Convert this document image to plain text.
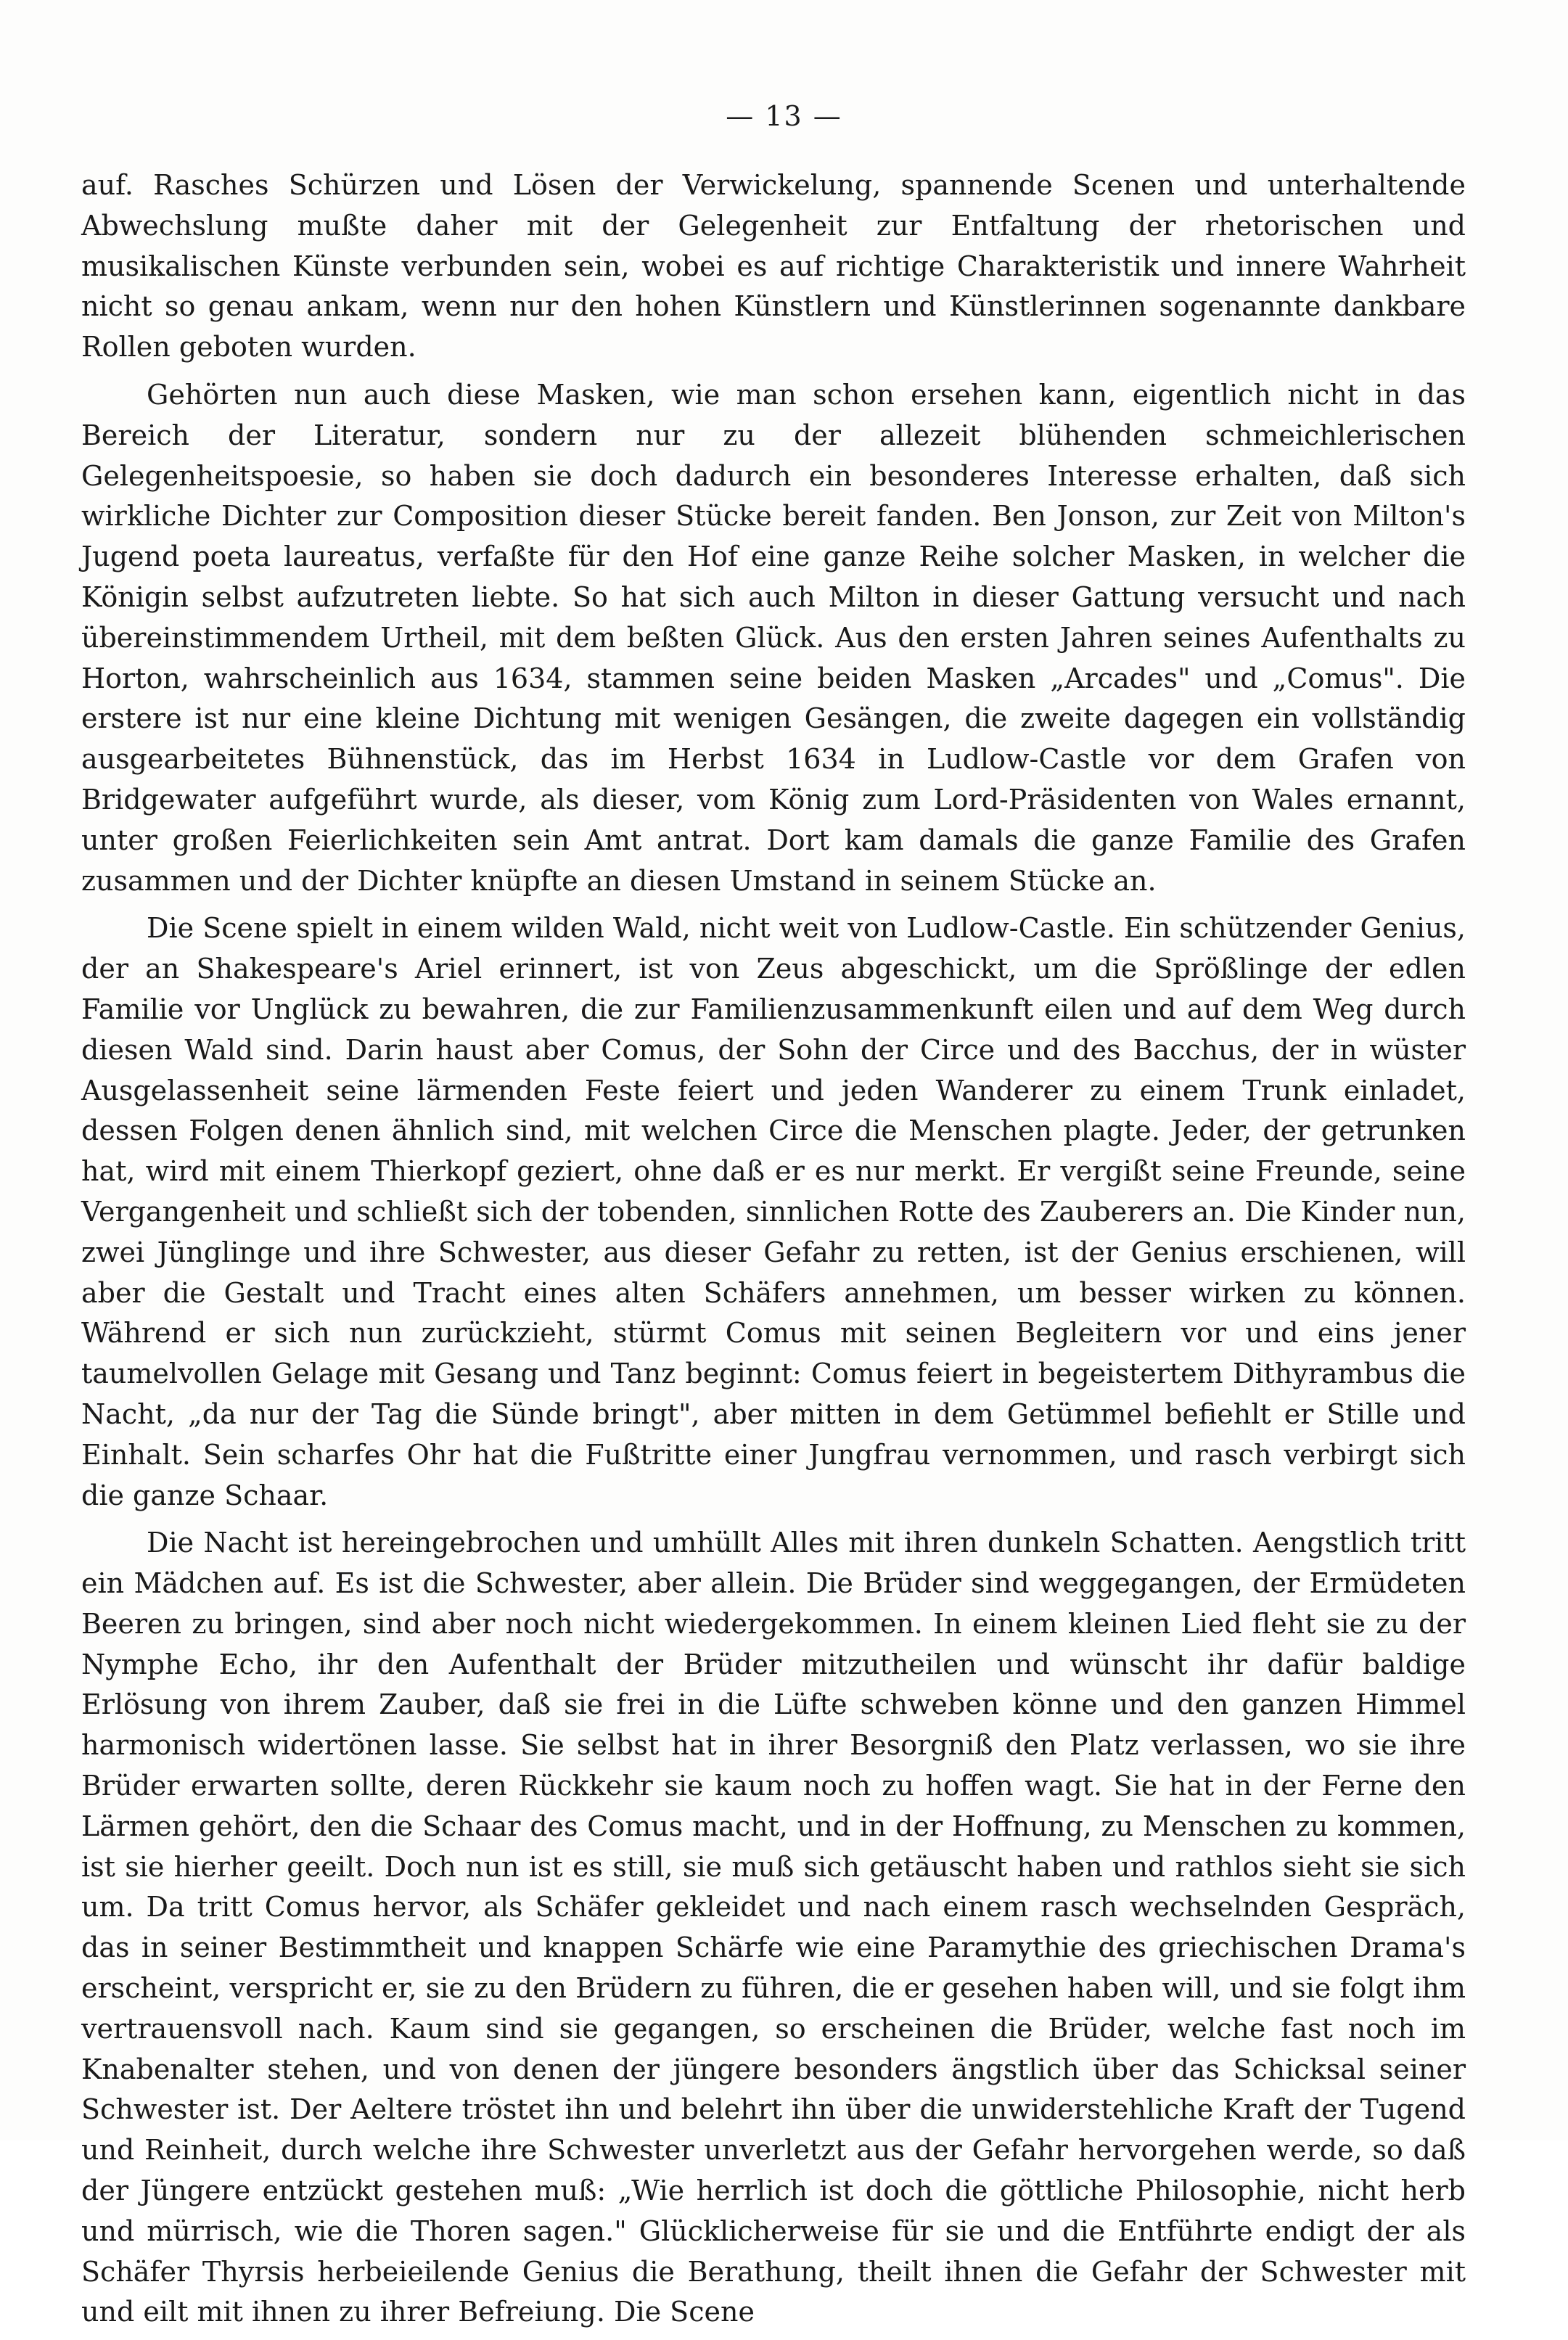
— 13 —

auf. Rasches Schürzen und Lösen der Verwickelung, spannende Scenen und unterhaltende Abwechslung mußte daher mit der Gelegenheit zur Entfaltung der rhetorischen und musikalischen Künste verbunden sein, wobei es auf richtige Charakteristik und innere Wahrheit nicht so genau ankam, wenn nur den hohen Künstlern und Künstlerinnen sogenannte dankbare Rollen geboten wurden.

Gehörten nun auch diese Masken, wie man schon ersehen kann, eigentlich nicht in das Bereich der Literatur, sondern nur zu der allezeit blühenden schmeichlerischen Gelegenheitspoesie, so haben sie doch dadurch ein besonderes Interesse erhalten, daß sich wirkliche Dichter zur Composition dieser Stücke bereit fanden. Ben Jonson, zur Zeit von Milton's Jugend poeta laureatus, verfaßte für den Hof eine ganze Reihe solcher Masken, in welcher die Königin selbst aufzutreten liebte. So hat sich auch Milton in dieser Gattung versucht und nach übereinstimmendem Urtheil, mit dem beßten Glück. Aus den ersten Jahren seines Aufenthalts zu Horton, wahrscheinlich aus 1634, stammen seine beiden Masken „Arcades" und „Comus". Die erstere ist nur eine kleine Dichtung mit wenigen Gesängen, die zweite dagegen ein vollständig ausgearbeitetes Bühnenstück, das im Herbst 1634 in Ludlow-Castle vor dem Grafen von Bridgewater aufgeführt wurde, als dieser, vom König zum Lord-Präsidenten von Wales ernannt, unter großen Feierlichkeiten sein Amt antrat. Dort kam damals die ganze Familie des Grafen zusammen und der Dichter knüpfte an diesen Umstand in seinem Stücke an.

Die Scene spielt in einem wilden Wald, nicht weit von Ludlow-Castle. Ein schützender Genius, der an Shakespeare's Ariel erinnert, ist von Zeus abgeschickt, um die Sprößlinge der edlen Familie vor Unglück zu bewahren, die zur Familienzusammenkunft eilen und auf dem Weg durch diesen Wald sind. Darin haust aber Comus, der Sohn der Circe und des Bacchus, der in wüster Ausgelassenheit seine lärmenden Feste feiert und jeden Wanderer zu einem Trunk einladet, dessen Folgen denen ähnlich sind, mit welchen Circe die Menschen plagte. Jeder, der getrunken hat, wird mit einem Thierkopf geziert, ohne daß er es nur merkt. Er vergißt seine Freunde, seine Vergangenheit und schließt sich der tobenden, sinnlichen Rotte des Zauberers an. Die Kinder nun, zwei Jünglinge und ihre Schwester, aus dieser Gefahr zu retten, ist der Genius erschienen, will aber die Gestalt und Tracht eines alten Schäfers annehmen, um besser wirken zu können. Während er sich nun zurückzieht, stürmt Comus mit seinen Begleitern vor und eins jener taumelvollen Gelage mit Gesang und Tanz beginnt: Comus feiert in begeistertem Dithyrambus die Nacht, „da nur der Tag die Sünde bringt", aber mitten in dem Getümmel befiehlt er Stille und Einhalt. Sein scharfes Ohr hat die Fußtritte einer Jungfrau vernommen, und rasch verbirgt sich die ganze Schaar.

Die Nacht ist hereingebrochen und umhüllt Alles mit ihren dunkeln Schatten. Aengstlich tritt ein Mädchen auf. Es ist die Schwester, aber allein. Die Brüder sind weggegangen, der Ermüdeten Beeren zu bringen, sind aber noch nicht wiedergekommen. In einem kleinen Lied fleht sie zu der Nymphe Echo, ihr den Aufenthalt der Brüder mitzutheilen und wünscht ihr dafür baldige Erlösung von ihrem Zauber, daß sie frei in die Lüfte schweben könne und den ganzen Himmel harmonisch widertönen lasse. Sie selbst hat in ihrer Besorgniß den Platz verlassen, wo sie ihre Brüder erwarten sollte, deren Rückkehr sie kaum noch zu hoffen wagt. Sie hat in der Ferne den Lärmen gehört, den die Schaar des Comus macht, und in der Hoffnung, zu Menschen zu kommen, ist sie hierher geeilt. Doch nun ist es still, sie muß sich getäuscht haben und rathlos sieht sie sich um. Da tritt Comus hervor, als Schäfer gekleidet und nach einem rasch wechselnden Gespräch, das in seiner Bestimmtheit und knappen Schärfe wie eine Paramythie des griechischen Drama's erscheint, verspricht er, sie zu den Brüdern zu führen, die er gesehen haben will, und sie folgt ihm vertrauensvoll nach. Kaum sind sie gegangen, so erscheinen die Brüder, welche fast noch im Knabenalter stehen, und von denen der jüngere besonders ängstlich über das Schicksal seiner Schwester ist. Der Aeltere tröstet ihn und belehrt ihn über die unwiderstehliche Kraft der Tugend und Reinheit, durch welche ihre Schwester unverletzt aus der Gefahr hervorgehen werde, so daß der Jüngere entzückt gestehen muß: „Wie herrlich ist doch die göttliche Philosophie, nicht herb und mürrisch, wie die Thoren sagen." Glücklicherweise für sie und die Entführte endigt der als Schäfer Thyrsis herbeieilende Genius die Berathung, theilt ihnen die Gefahr der Schwester mit und eilt mit ihnen zu ihrer Befreiung. Die Scene
